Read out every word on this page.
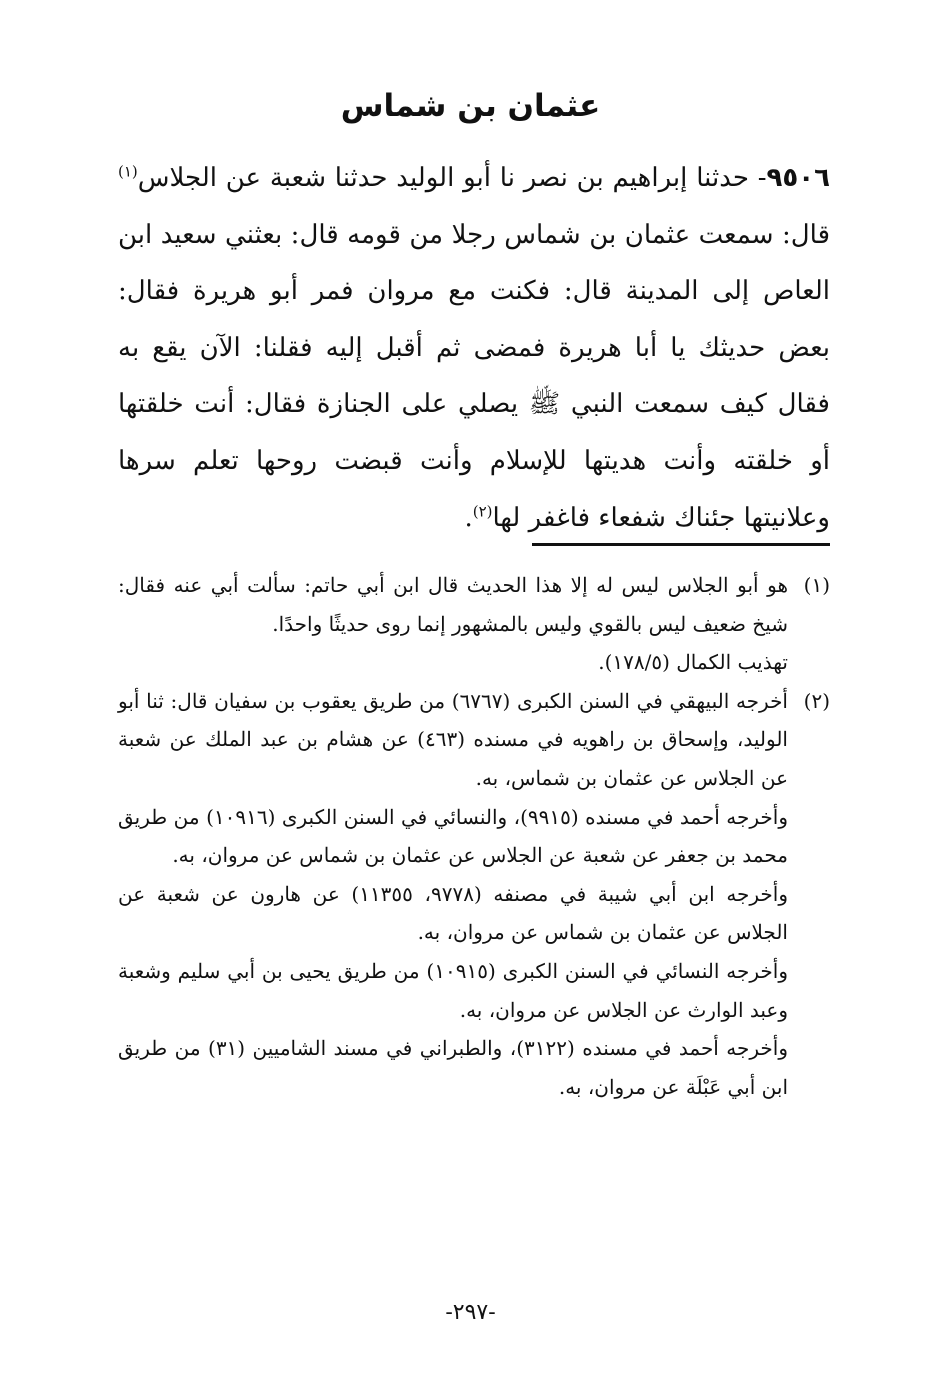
عثمان بن شماس

٩٥٠٦- حدثنا إبراهيم بن نصر نا أبو الوليد حدثنا شعبة عن الجلاس$^{(١)}$ قال: سمعت عثمان بن شماس رجلا من قومه قال: بعثني سعيد ابن العاص إلى المدينة قال: فكنت مع مروان فمر أبو هريرة فقال: بعض حديثك يا أبا هريرة فمضى ثم أقبل إليه فقلنا: الآن يقع به فقال كيف سمعت النبي ﷺ يصلي على الجنازة فقال: أنت خلقتها أو خلقته وأنت هديتها للإسلام وأنت قبضت روحها تعلم سرها وعلانيتها جئناك شفعاء فاغفر لها$^{(٢)}$.

(١)

هو أبو الجلاس ليس له إلا هذا الحديث قال ابن أبي حاتم: سألت أبي عنه فقال: شيخ ضعيف ليس بالقوي وليس بالمشهور إنما روى حديثًا واحدًا.

تهذيب الكمال (١٧٨/٥).

(٢)

أخرجه البيهقي في السنن الكبرى (٦٧٦٧) من طريق يعقوب بن سفيان قال: ثنا أبو الوليد، وإسحاق بن راهويه في مسنده (٤٦٣) عن هشام بن عبد الملك عن شعبة عن الجلاس عن عثمان بن شماس، به.

وأخرجه أحمد في مسنده (٩٩١٥)، والنسائي في السنن الكبرى (١٠٩١٦) من طريق محمد بن جعفر عن شعبة عن الجلاس عن عثمان بن شماس عن مروان، به.

وأخرجه ابن أبي شيبة في مصنفه (٩٧٧٨، ١١٣٥٥) عن هارون عن شعبة عن الجلاس عن عثمان بن شماس عن مروان، به.

وأخرجه النسائي في السنن الكبرى (١٠٩١٥) من طريق يحيى بن أبي سليم وشعبة وعبد الوارث عن الجلاس عن مروان، به.

وأخرجه أحمد في مسنده (٣١٢٢)، والطبراني في مسند الشاميين (٣١) من طريق ابن أبي عَبْلَة عن مروان، به.

-٢٩٧-
